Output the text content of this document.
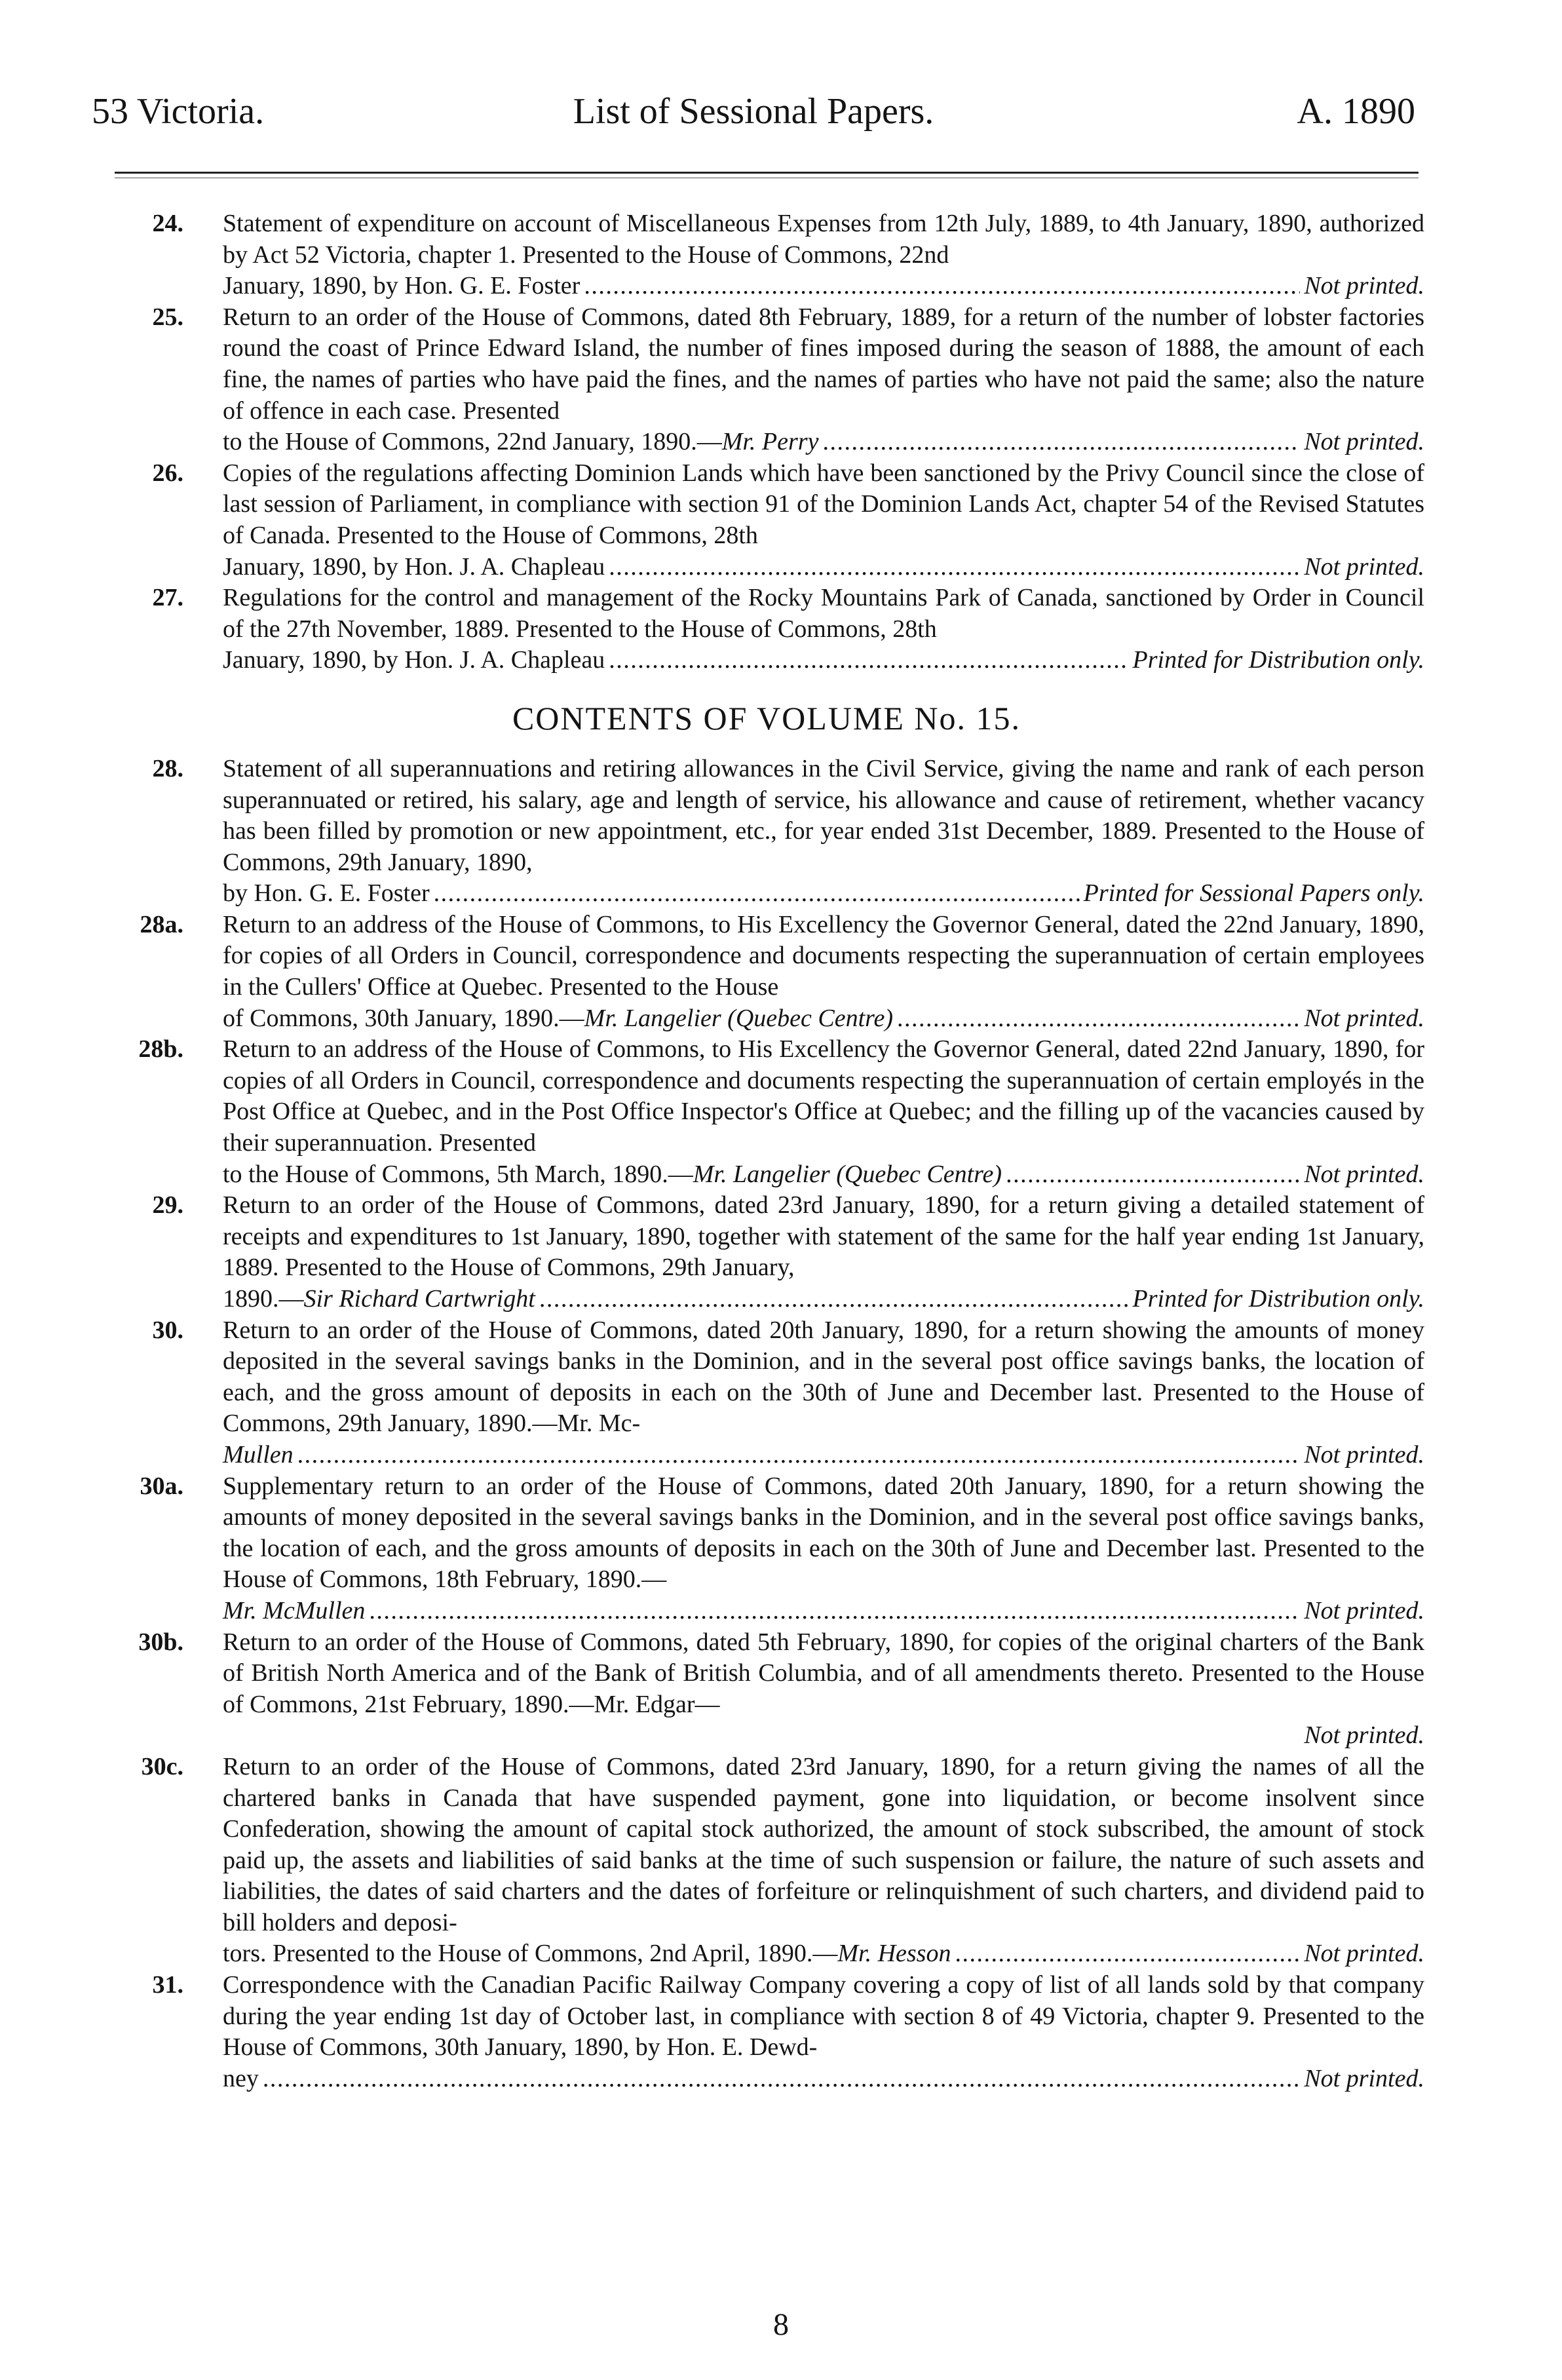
53 Victoria.	List of Sessional Papers.	A. 1890
24. Statement of expenditure on account of Miscellaneous Expenses from 12th July, 1889, to 4th January, 1890, authorized by Act 52 Victoria, chapter 1. Presented to the House of Commons, 22nd
January, 1890, by Hon. G. E. Foster . . .	Not printed.
25. Return to an order of the House of Commons, dated 8th February, 1889, for a return of the number of lobster factories round the coast of Prince Edward Island, the number of fines imposed during the season of 1888, the amount of each fine, the names of parties who have paid the fines, and the names of parties who have not paid the same; also the nature of offence in each case. Presented
to the House of Commons, 22nd January, 1890.—Mr. Perry . . .	Not printed.
26. Copies of the regulations affecting Dominion Lands which have been sanctioned by the Privy Council since the close of last session of Parliament, in compliance with section 91 of the Dominion Lands Act, chapter 54 of the Revised Statutes of Canada. Presented to the House of Commons, 28th
January, 1890, by Hon. J. A. Chapleau . . .	Not printed.
27. Regulations for the control and management of the Rocky Mountains Park of Canada, sanctioned by Order in Council of the 27th November, 1889. Presented to the House of Commons, 28th
January, 1890, by Hon. J. A. Chapleau . . .	Printed for Distribution only.
CONTENTS OF VOLUME No. 15.
28. Statement of all superannuations and retiring allowances in the Civil Service, giving the name and rank of each person superannuated or retired, his salary, age and length of service, his allowance and cause of retirement, whether vacancy has been filled by promotion or new appointment, etc., for year ended 31st December, 1889. Presented to the House of Commons, 29th January, 1890,
by Hon. G. E. Foster . . .	Printed for Sessional Papers only.
28a. Return to an address of the House of Commons, to His Excellency the Governor General, dated the 22nd January, 1890, for copies of all Orders in Council, correspondence and documents respecting the superannuation of certain employees in the Cullers' Office at Quebec. Presented to the House
of Commons, 30th January, 1890.—Mr. Langelier (Quebec Centre) . . .	Not printed.
28b. Return to an address of the House of Commons, to His Excellency the Governor General, dated 22nd January, 1890, for copies of all Orders in Council, correspondence and documents respecting the superannuation of certain employés in the Post Office at Quebec, and in the Post Office Inspector's Office at Quebec; and the filling up of the vacancies caused by their superannuation. Presented
to the House of Commons, 5th March, 1890.—Mr. Langelier (Quebec Centre) . . .	Not printed.
29. Return to an order of the House of Commons, dated 23rd January, 1890, for a return giving a detailed statement of receipts and expenditures to 1st January, 1890, together with statement of the same for the half year ending 1st January, 1889. Presented to the House of Commons, 29th January,
1890.—Sir Richard Cartwright . . .	Printed for Distribution only.
30. Return to an order of the House of Commons, dated 20th January, 1890, for a return showing the amounts of money deposited in the several savings banks in the Dominion, and in the several post office savings banks, the location of each, and the gross amount of deposits in each on the 30th of June and December last. Presented to the House of Commons, 29th January, 1890.—Mr. Mc-
Mullen . . .	Not printed.
30a. Supplementary return to an order of the House of Commons, dated 20th January, 1890, for a return showing the amounts of money deposited in the several savings banks in the Dominion, and in the several post office savings banks, the location of each, and the gross amounts of deposits in each on the 30th of June and December last. Presented to the House of Commons, 18th February, 1890.—
Mr. McMullen . . .	Not printed.
30b. Return to an order of the House of Commons, dated 5th February, 1890, for copies of the original charters of the Bank of British North America and of the Bank of British Columbia, and of all amendments thereto. Presented to the House of Commons, 21st February, 1890.—Mr. Edgar—
Not printed.
30c. Return to an order of the House of Commons, dated 23rd January, 1890, for a return giving the names of all the chartered banks in Canada that have suspended payment, gone into liquidation, or become insolvent since Confederation, showing the amount of capital stock authorized, the amount of stock subscribed, the amount of stock paid up, the assets and liabilities of said banks at the time of such suspension or failure, the nature of such assets and liabilities, the dates of said charters and the dates of forfeiture or relinquishment of such charters, and dividend paid to bill holders and deposi-
tors. Presented to the House of Commons, 2nd April, 1890.—Mr. Hesson . . .	Not printed.
31. Correspondence with the Canadian Pacific Railway Company covering a copy of list of all lands sold by that company during the year ending 1st day of October last, in compliance with section 8 of 49 Victoria, chapter 9. Presented to the House of Commons, 30th January, 1890, by Hon. E. Dewd-
ney . . .	Not printed.
8
